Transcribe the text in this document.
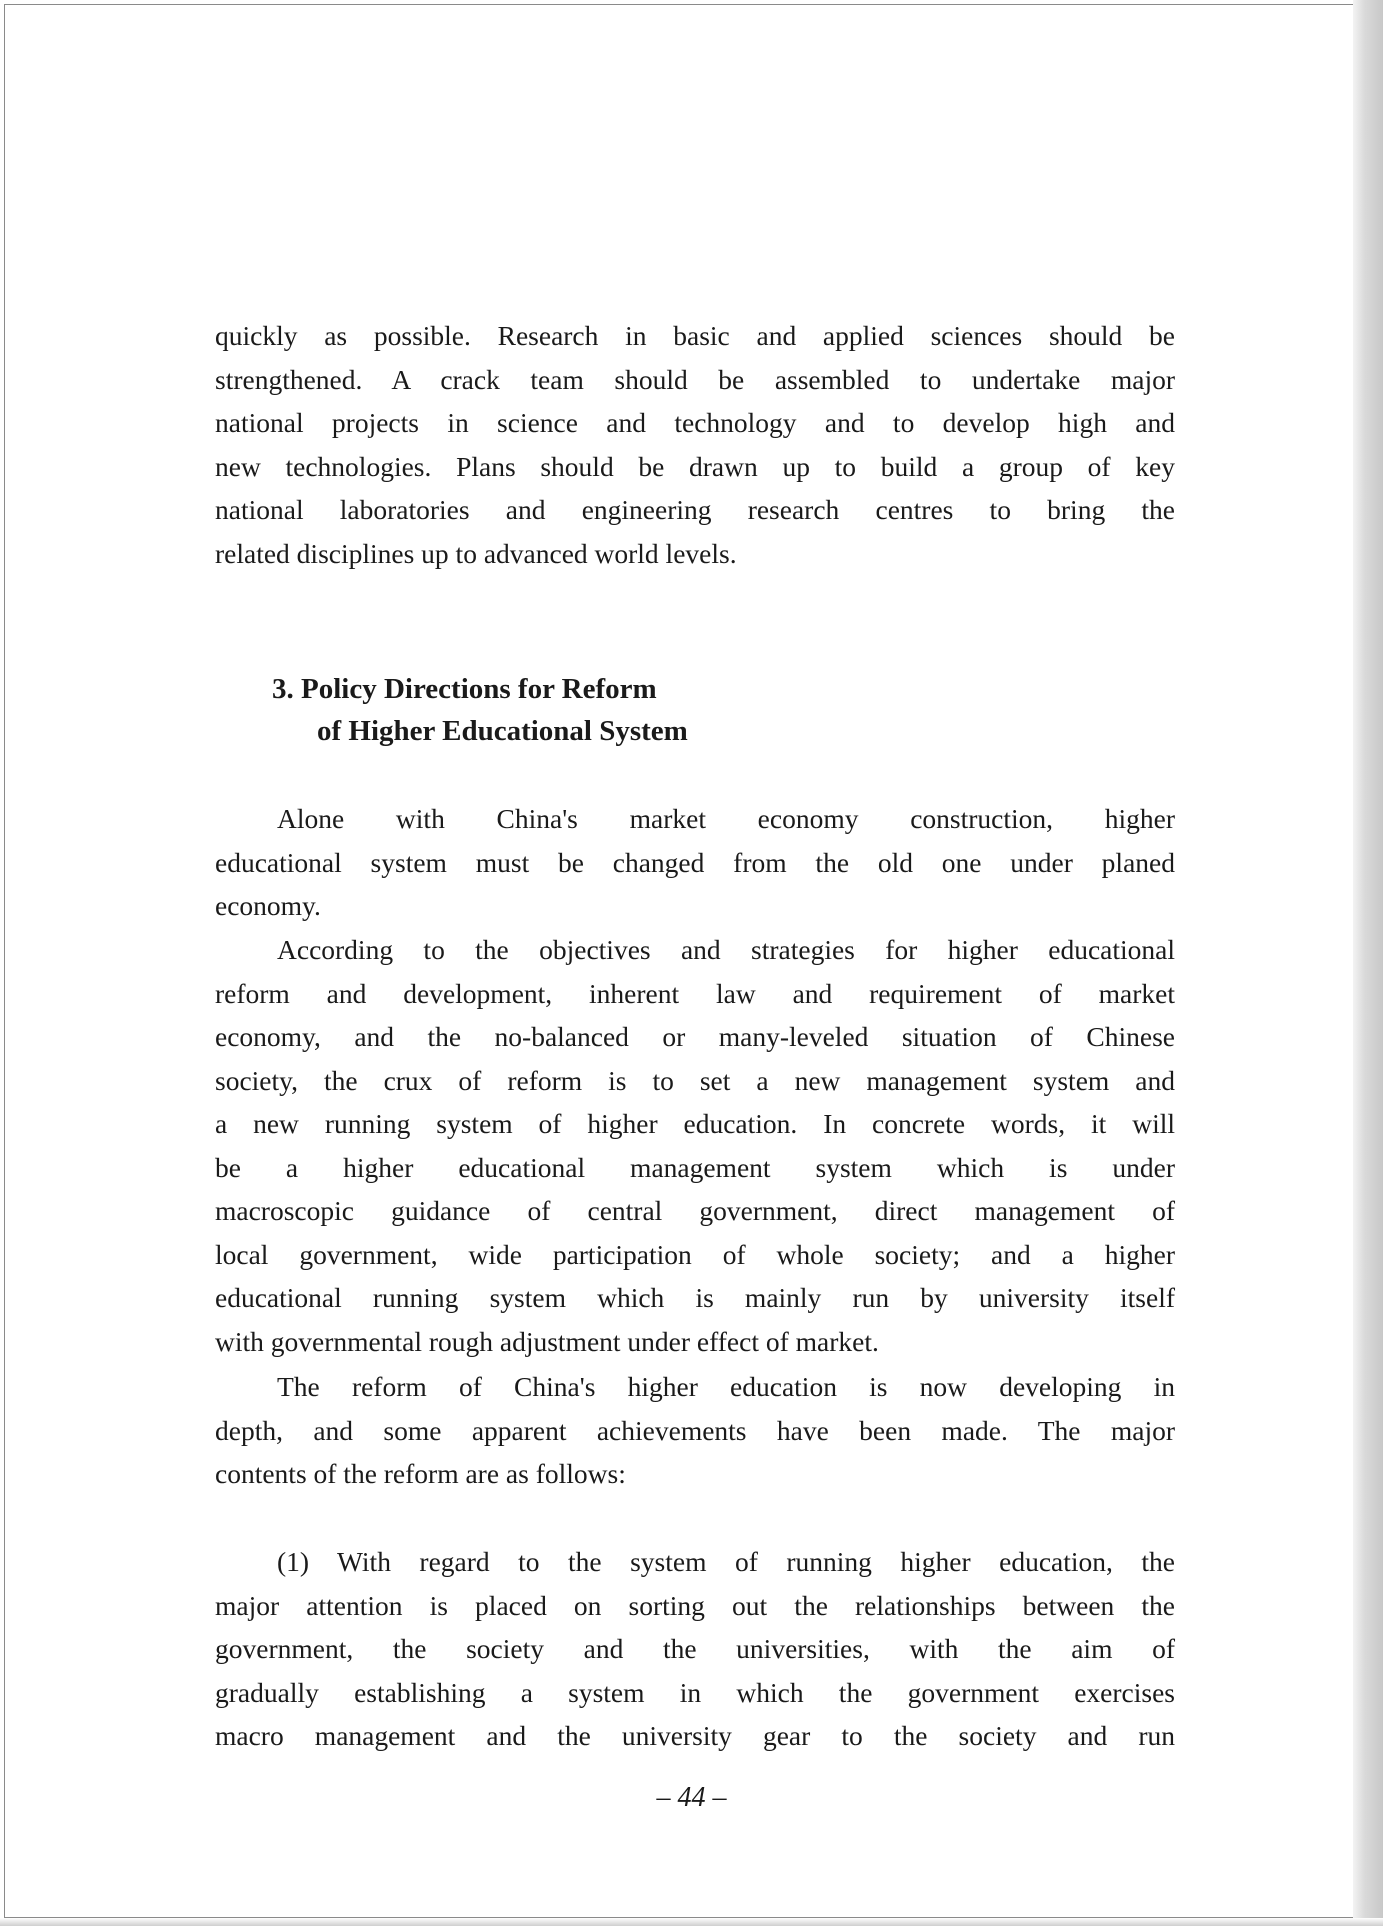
quickly as possible. Research in basic and applied sciences should be
strengthened. A crack team should be assembled to undertake major
national projects in science and technology and to develop high and
new technologies. Plans should be drawn up to build a group of key
national laboratories and engineering research centres to bring the
related disciplines up to advanced world levels.
3. Policy Directions for Reform
of Higher Educational System
Alone with China's market economy construction, higher
educational system must be changed from the old one under planed
economy.
According to the objectives and strategies for higher educational
reform and development, inherent law and requirement of market
economy, and the no-balanced or many-leveled situation of Chinese
society, the crux of reform is to set a new management system and
a new running system of higher education. In concrete words, it will
be a higher educational management system which is under
macroscopic guidance of central government, direct management of
local government, wide participation of whole society; and a higher
educational running system which is mainly run by university itself
with governmental rough adjustment under effect of market.
The reform of China's higher education is now developing in
depth, and some apparent achievements have been made. The major
contents of the reform are as follows:
(1) With regard to the system of running higher education, the
major attention is placed on sorting out the relationships between the
government, the society and the universities, with the aim of
gradually establishing a system in which the government exercises
macro management and the university gear to the society and run
– 44 –
